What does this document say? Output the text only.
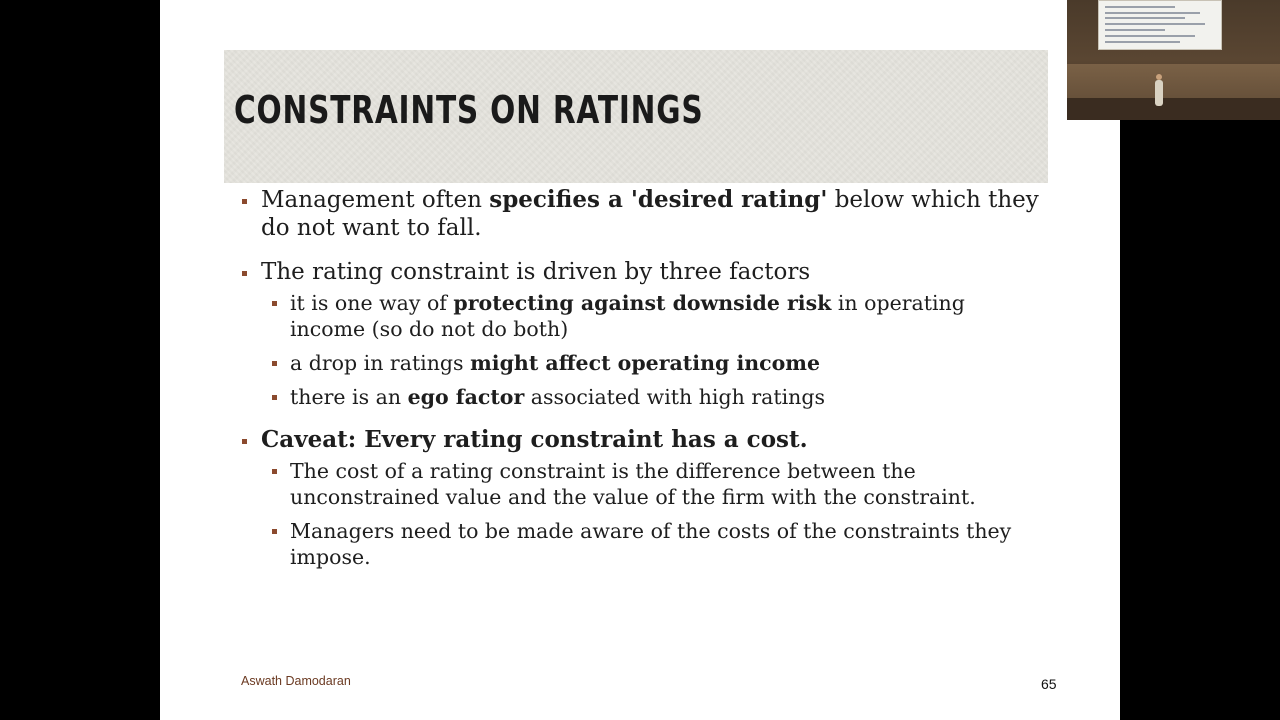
CONSTRAINTS ON RATINGS

Management often specifies a 'desired rating' below which they do not want to fall.

The rating constraint is driven by three factors

it is one way of protecting against downside risk in operating income (so do not do both)

a drop in ratings might affect operating income

there is an ego factor associated with high ratings

Caveat: Every rating constraint has a cost.

The cost of a rating constraint is the difference between the unconstrained value and the value of the firm with the constraint.

Managers need to be made aware of the costs of the constraints they impose.

Aswath Damodaran	65
